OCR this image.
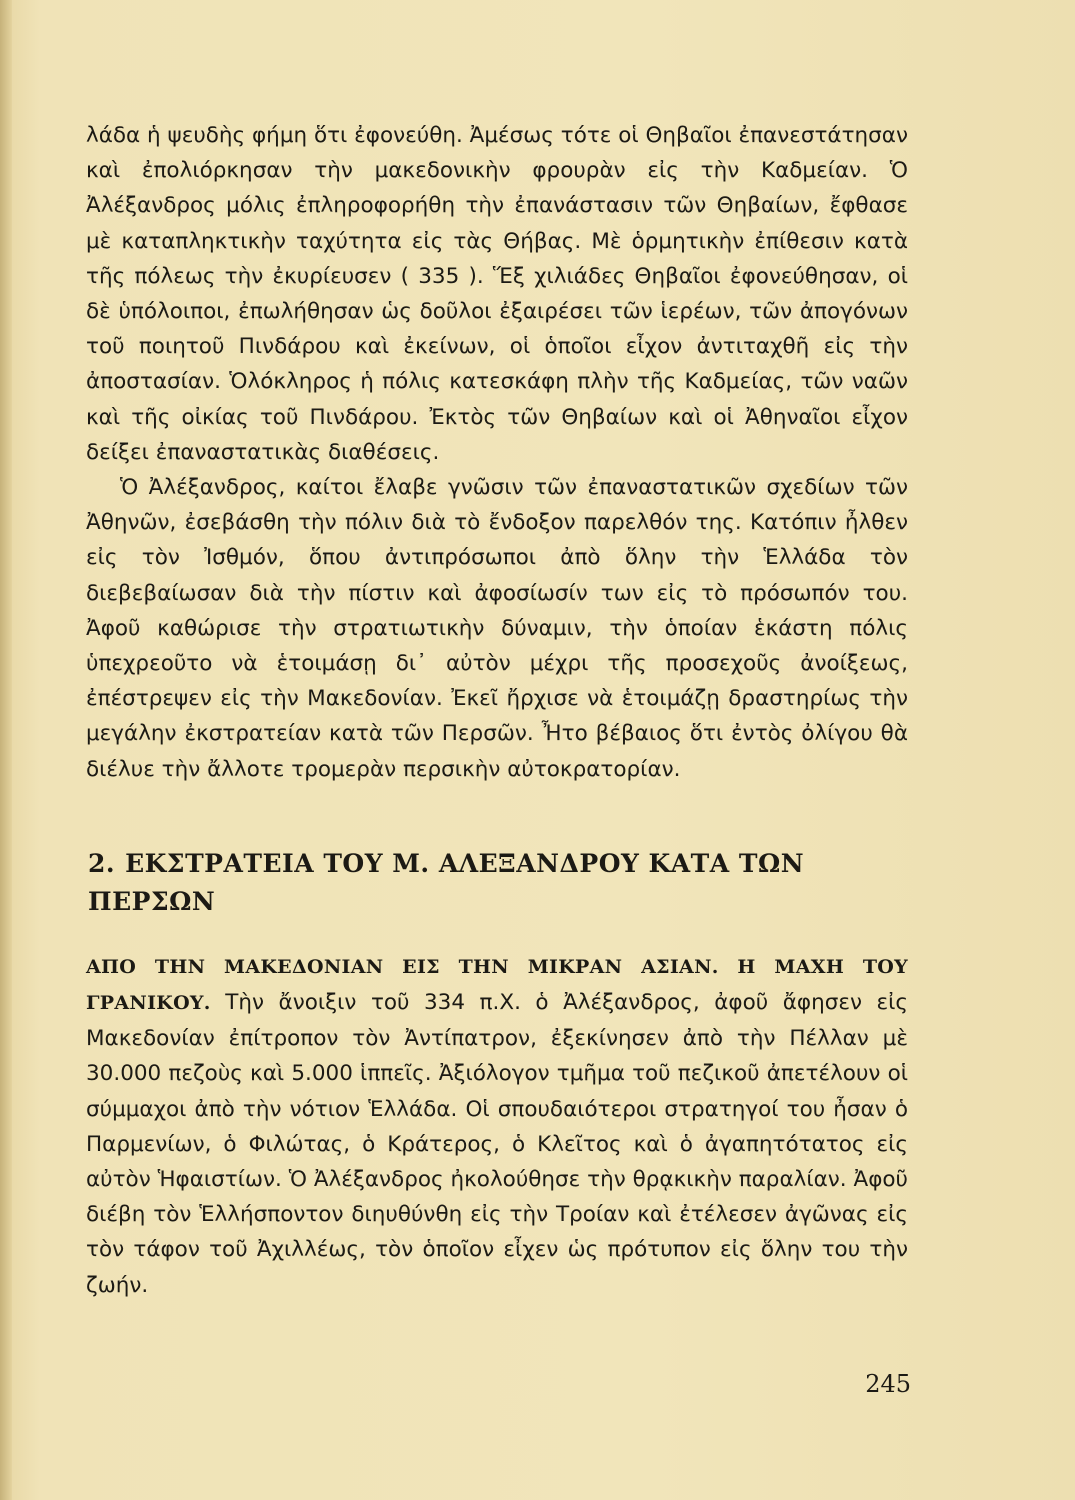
λάδα ἡ ψευδὴς φήμη ὅτι ἐφονεύθη. Ἀμέσως τότε οἱ Θηβαῖοι ἐπανεστάτησαν καὶ ἐπολιόρκησαν τὴν μακεδονικὴν φρουρὰν εἰς τὴν Καδμείαν. Ὁ Ἀλέξανδρος μόλις ἐπληροφορήθη τὴν ἐπανάστασιν τῶν Θηβαίων, ἔφθασε μὲ καταπληκτικὴν ταχύτητα εἰς τὰς Θήβας. Μὲ ὁρμητικὴν ἐπίθεσιν κατὰ τῆς πόλεως τὴν ἐκυρίευσεν ( 335 ). Ἕξ χιλιάδες Θηβαῖοι ἐφονεύθησαν, οἱ δὲ ὑπόλοιποι, ἐπωλήθησαν ὡς δοῦλοι ἐξαιρέσει τῶν ἱερέων, τῶν ἀπογόνων τοῦ ποιητοῦ Πινδάρου καὶ ἐκείνων, οἱ ὁποῖοι εἶχον ἀντιταχθῆ εἰς τὴν ἀποστασίαν. Ὁλόκληρος ἡ πόλις κατεσκάφη πλὴν τῆς Καδμείας, τῶν ναῶν καὶ τῆς οἰκίας τοῦ Πινδάρου. Ἐκτὸς τῶν Θηβαίων καὶ οἱ Ἀθηναῖοι εἶχον δείξει ἐπαναστατικὰς διαθέσεις.

Ὁ Ἀλέξανδρος, καίτοι ἔλαβε γνῶσιν τῶν ἐπαναστατικῶν σχεδίων τῶν Ἀθηνῶν, ἐσεβάσθη τὴν πόλιν διὰ τὸ ἔνδοξον παρελθόν της. Κατόπιν ἦλθεν εἰς τὸν Ἰσθμόν, ὅπου ἀντιπρόσωποι ἀπὸ ὅλην τὴν Ἑλλάδα τὸν διεβεβαίωσαν διὰ τὴν πίστιν καὶ ἀφοσίωσίν των εἰς τὸ πρόσωπόν του. Ἀφοῦ καθώρισε τὴν στρατιωτικὴν δύναμιν, τὴν ὁποίαν ἑκάστη πόλις ὑπεχρεοῦτο νὰ ἑτοιμάσῃ δι᾽ αὐτὸν μέχρι τῆς προσεχοῦς ἀνοίξεως, ἐπέστρεψεν εἰς τὴν Μακεδονίαν. Ἐκεῖ ἤρχισε νὰ ἑτοιμάζῃ δραστηρίως τὴν μεγάλην ἐκστρατείαν κατὰ τῶν Περσῶν. Ἦτο βέβαιος ὅτι ἐντὸς ὀλίγου θὰ διέλυε τὴν ἄλλοτε τρομερὰν περσικὴν αὐτοκρατορίαν.

2. ΕΚΣΤΡΑΤΕΙΑ ΤΟΥ Μ. ΑΛΕΞΑΝΔΡΟΥ ΚΑΤΑ ΤΩΝ ΠΕΡΣΩΝ

ΑΠΟ ΤΗΝ ΜΑΚΕΔΟΝΙΑΝ ΕΙΣ ΤΗΝ ΜΙΚΡΑΝ ΑΣΙΑΝ. Η ΜΑΧΗ ΤΟΥ ΓΡΑΝΙΚΟΥ. Τὴν ἄνοιξιν τοῦ 334 π.Χ. ὁ Ἀλέξανδρος, ἀφοῦ ἄφησεν εἰς Μακεδονίαν ἐπίτροπον τὸν Ἀντίπατρον, ἐξεκίνησεν ἀπὸ τὴν Πέλλαν μὲ 30.000 πεζοὺς καὶ 5.000 ἱππεῖς. Ἀξιόλογον τμῆμα τοῦ πεζικοῦ ἀπετέλουν οἱ σύμμαχοι ἀπὸ τὴν νότιον Ἑλλάδα. Οἱ σπουδαιότεροι στρατηγοί του ἦσαν ὁ Παρμενίων, ὁ Φιλώτας, ὁ Κράτερος, ὁ Κλεῖτος καὶ ὁ ἀγαπητότατος εἰς αὐτὸν Ἡφαιστίων. Ὁ Ἀλέξανδρος ἠκολούθησε τὴν θρᾳκικὴν παραλίαν. Ἀφοῦ διέβη τὸν Ἑλλήσποντον διηυθύνθη εἰς τὴν Τροίαν καὶ ἐτέλεσεν ἀγῶνας εἰς τὸν τάφον τοῦ Ἀχιλλέως, τὸν ὁποῖον εἶχεν ὡς πρότυπον εἰς ὅλην του τὴν ζωήν.

245
